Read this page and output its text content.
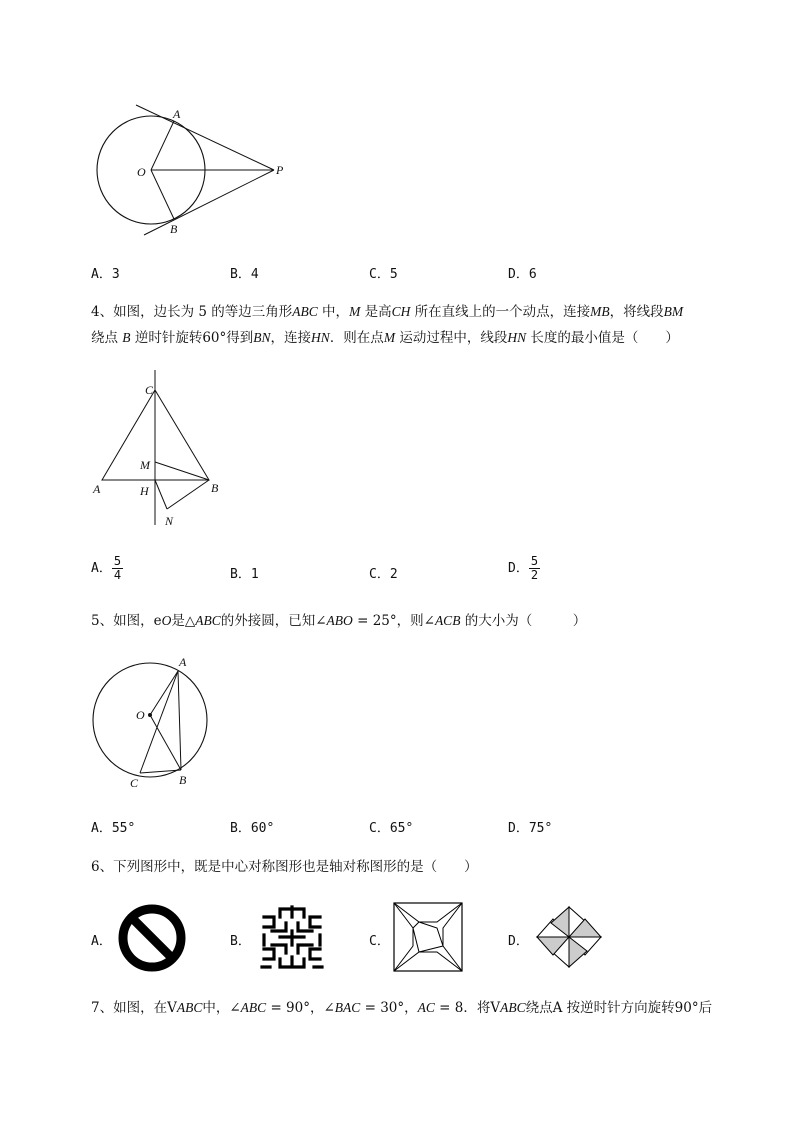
A
O	P
B
A．3	B．4	C．5	D．6
4、如图，边长为 5 的等边三角形ABC 中，M 是高CH 所在直线上的一个动点，连接MB，将线段BM
绕点 B 逆时针旋转60°得到BN，连接HN．则在点M 运动过程中，线段HN 长度的最小值是（　　）
C
M
A	H	B
N
A． $\frac{5}{4}$	B．1	C．2	D． $\frac{5}{2}$
5、如图，eO是△ABC的外接圆，已知∠ABO = 25°，则∠ACB 的大小为（　　　）
A
O
C	B
A．55°	B．60°	C．65°	D．75°
6、下列图形中，既是中心对称图形也是轴对称图形的是（　　）
A．	B．	C．	D．
7、如图，在VABC中，∠ABC = 90°，∠BAC = 30°，AC = 8．将VABC绕点A 按逆时针方向旋转90°后
